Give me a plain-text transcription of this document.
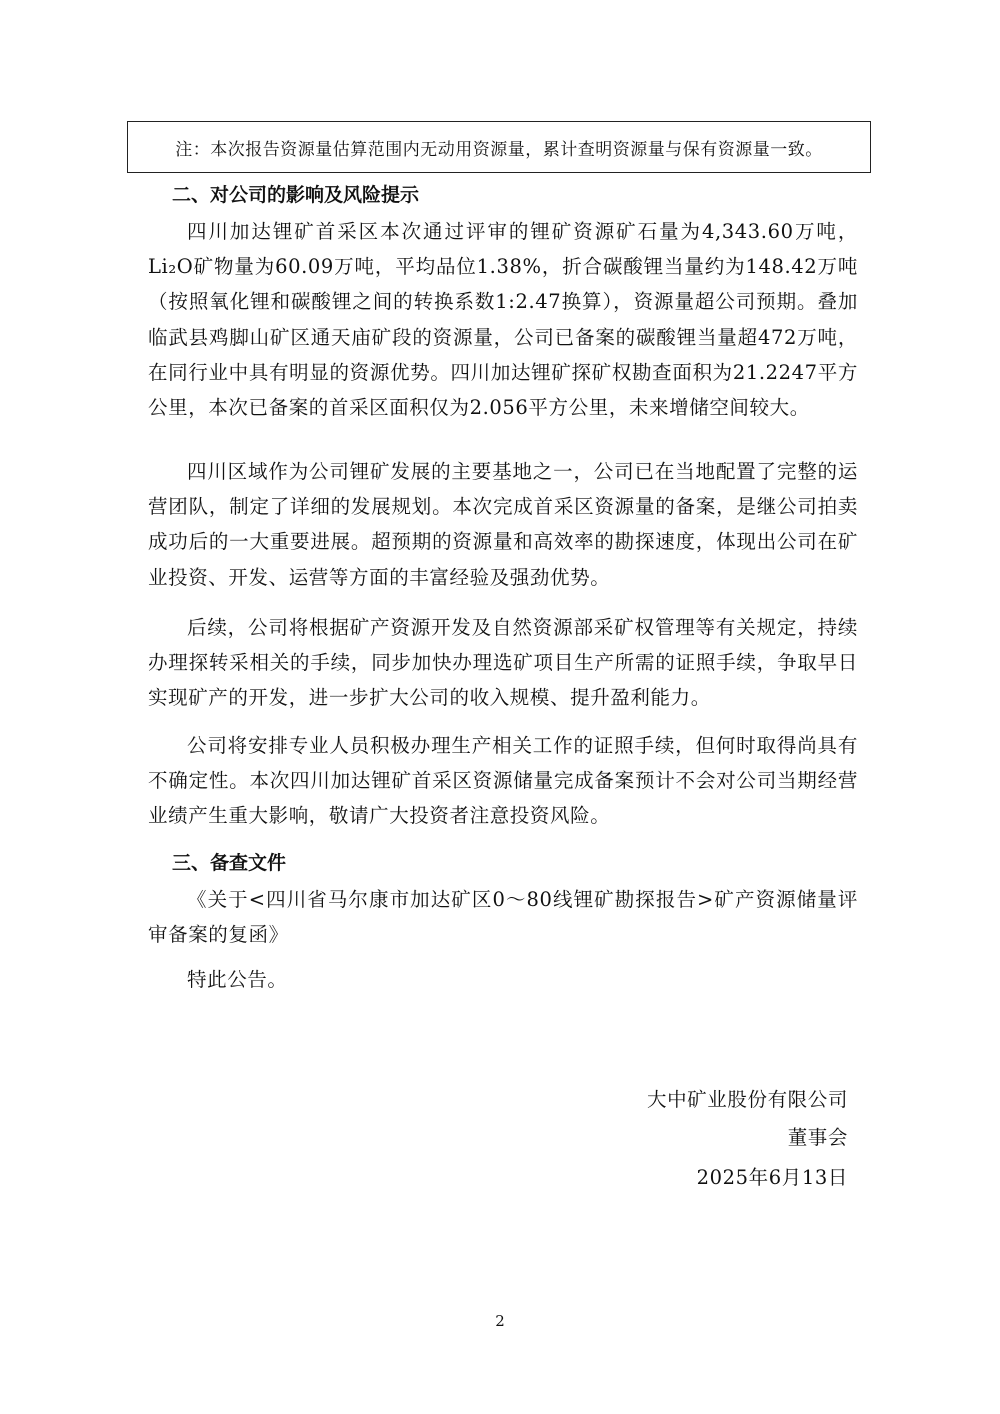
注：本次报告资源量估算范围内无动用资源量，累计查明资源量与保有资源量一致。
二、对公司的影响及风险提示
四川加达锂矿首采区本次通过评审的锂矿资源矿石量为4,343.60万吨，Li₂O矿物量为60.09万吨，平均品位1.38%，折合碳酸锂当量约为148.42万吨（按照氧化锂和碳酸锂之间的转换系数1:2.47换算），资源量超公司预期。叠加临武县鸡脚山矿区通天庙矿段的资源量，公司已备案的碳酸锂当量超472万吨，在同行业中具有明显的资源优势。四川加达锂矿探矿权勘查面积为21.2247平方公里，本次已备案的首采区面积仅为2.056平方公里，未来增储空间较大。
四川区域作为公司锂矿发展的主要基地之一，公司已在当地配置了完整的运营团队，制定了详细的发展规划。本次完成首采区资源量的备案，是继公司拍卖成功后的一大重要进展。超预期的资源量和高效率的勘探速度，体现出公司在矿业投资、开发、运营等方面的丰富经验及强劲优势。
后续，公司将根据矿产资源开发及自然资源部采矿权管理等有关规定，持续办理探转采相关的手续，同步加快办理选矿项目生产所需的证照手续，争取早日实现矿产的开发，进一步扩大公司的收入规模、提升盈利能力。
公司将安排专业人员积极办理生产相关工作的证照手续，但何时取得尚具有不确定性。本次四川加达锂矿首采区资源储量完成备案预计不会对公司当期经营业绩产生重大影响，敬请广大投资者注意投资风险。
三、备查文件
《关于<四川省马尔康市加达矿区0～80线锂矿勘探报告>矿产资源储量评审备案的复函》
特此公告。
大中矿业股份有限公司
董事会
2025年6月13日
2
